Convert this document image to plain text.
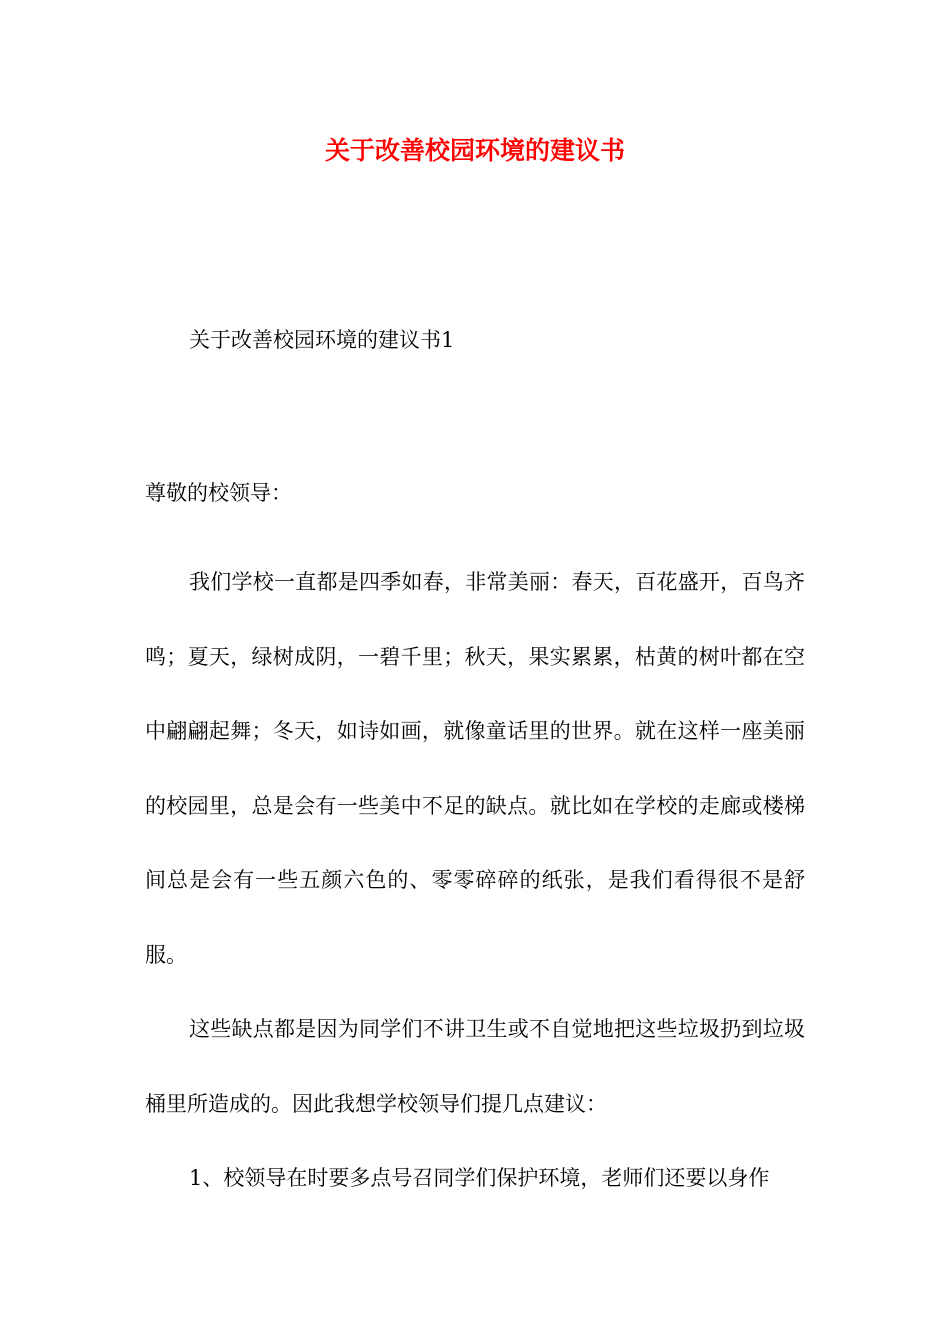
关于改善校园环境的建议书

关于改善校园环境的建议书1

尊敬的校领导：

我们学校一直都是四季如春，非常美丽：春天，百花盛开，百鸟齐鸣；夏天，绿树成阴，一碧千里；秋天，果实累累，枯黄的树叶都在空中翩翩起舞；冬天，如诗如画，就像童话里的世界。就在这样一座美丽的校园里，总是会有一些美中不足的缺点。就比如在学校的走廊或楼梯间总是会有一些五颜六色的、零零碎碎的纸张，是我们看得很不是舒服。

这些缺点都是因为同学们不讲卫生或不自觉地把这些垃圾扔到垃圾桶里所造成的。因此我想学校领导们提几点建议：

1、校领导在时要多点号召同学们保护环境，老师们还要以身作
